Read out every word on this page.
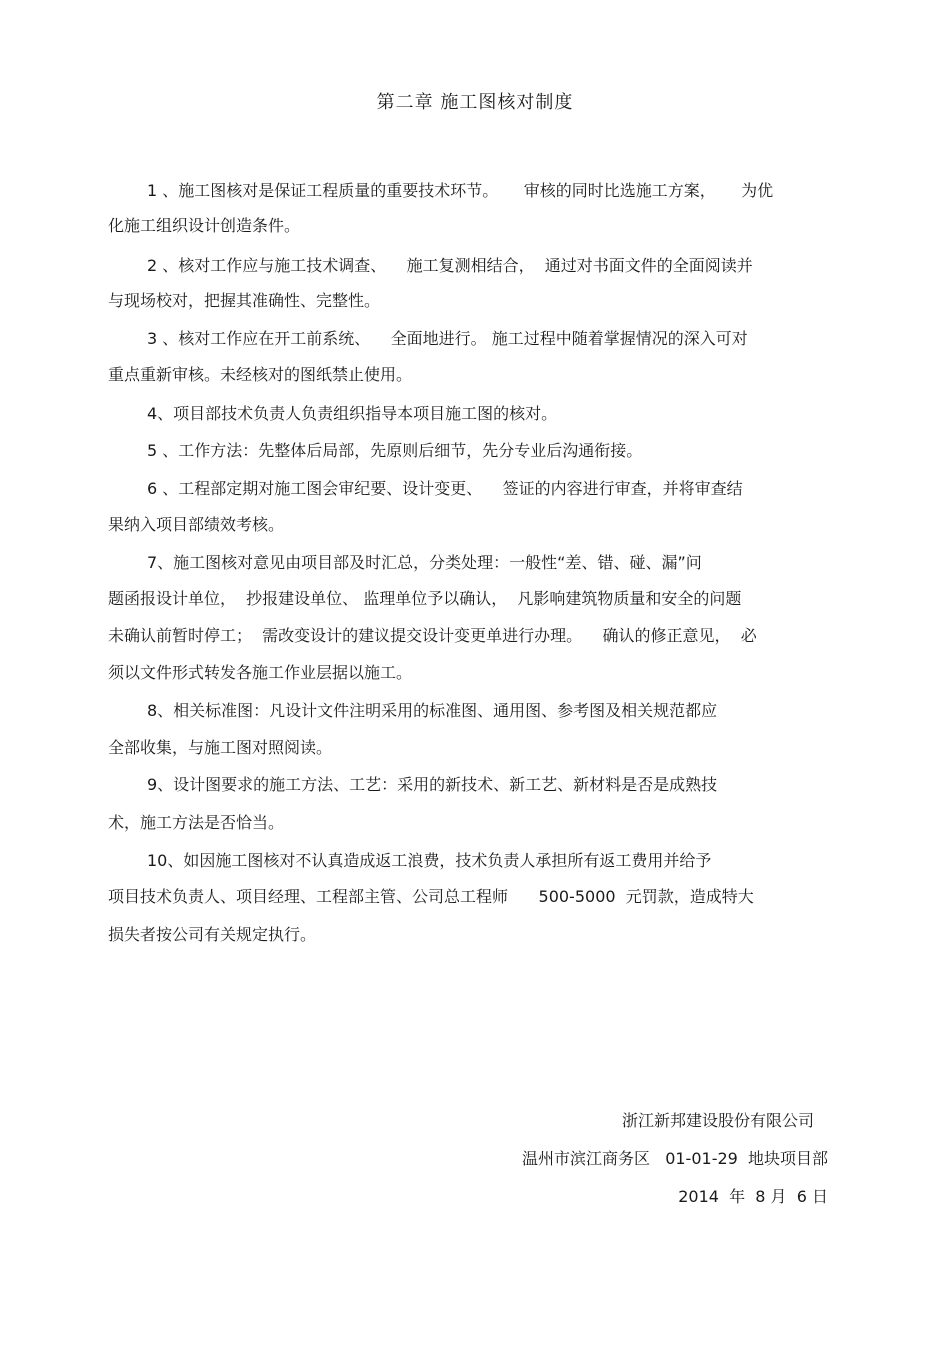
第二章 施工图核对制度

1 、施工图核对是保证工程质量的重要技术环节。     审核的同时比选施工方案，     为优

化施工组织设计创造条件。

2 、核对工作应与施工技术调查、    施工复测相结合，  通过对书面文件的全面阅读并

与现场校对，把握其准确性、完整性。

3 、核对工作应在开工前系统、    全面地进行。 施工过程中随着掌握情况的深入可对

重点重新审核。未经核对的图纸禁止使用。

4、项目部技术负责人负责组织指导本项目施工图的核对。

5 、工作方法：先整体后局部，先原则后细节，先分专业后沟通衔接。

6 、工程部定期对施工图会审纪要、设计变更、    签证的内容进行审查，并将审查结

果纳入项目部绩效考核。

7、施工图核对意见由项目部及时汇总，分类处理：一般性“差、错、碰、漏”问

题函报设计单位，  抄报建设单位、 监理单位予以确认，  凡影响建筑物质量和安全的问题

未确认前暂时停工；  需改变设计的建议提交设计变更单进行办理。    确认的修正意见，  必

须以文件形式转发各施工作业层据以施工。

8、相关标准图：凡设计文件注明采用的标准图、通用图、参考图及相关规范都应

全部收集，与施工图对照阅读。

9、设计图要求的施工方法、工艺：采用的新技术、新工艺、新材料是否是成熟技

术，施工方法是否恰当。

10、如因施工图核对不认真造成返工浪费，技术负责人承担所有返工费用并给予

项目技术负责人、项目经理、工程部主管、公司总工程师      500-5000  元罚款，造成特大

损失者按公司有关规定执行。

浙江新邦建设股份有限公司

温州市滨江商务区   01-01-29  地块项目部

2014  年  8 月  6 日
